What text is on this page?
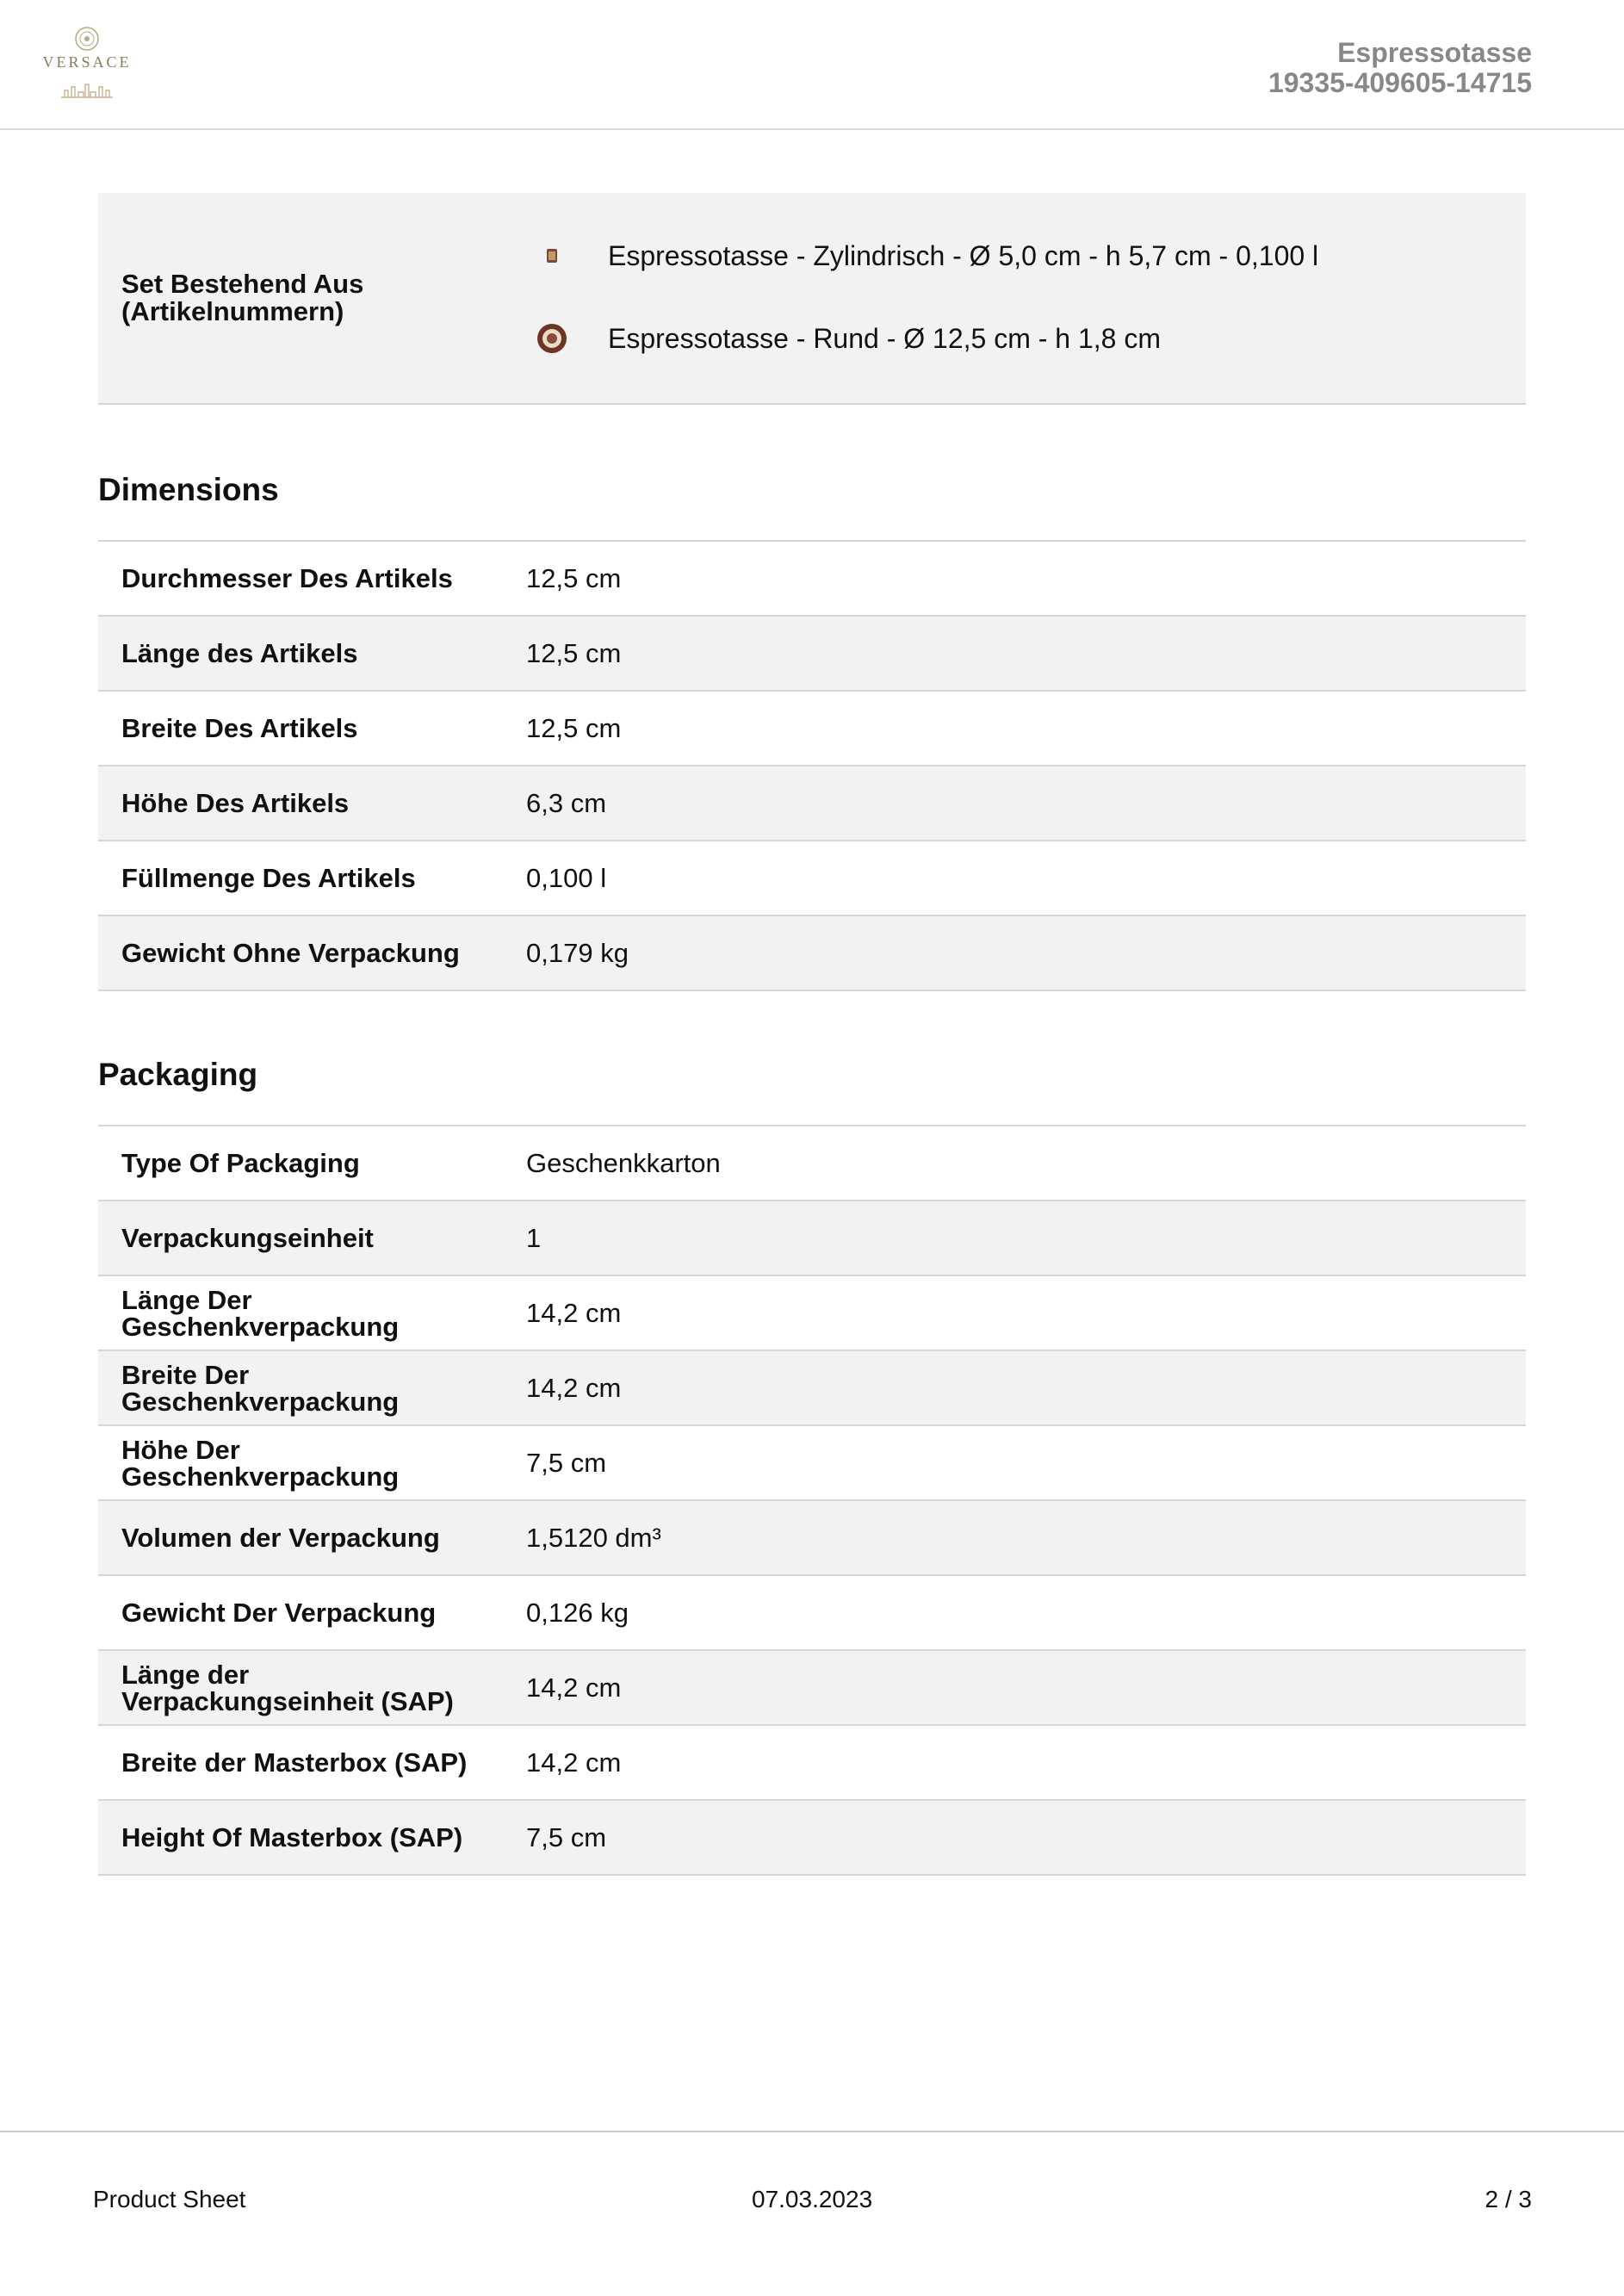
VERSACE	Espressotasse
19335-409605-14715
Set Bestehend Aus (Artikelnummern)
Espressotasse - Zylindrisch - Ø 5,0 cm - h 5,7 cm - 0,100 l
Espressotasse - Rund - Ø 12,5 cm - h 1,8 cm
Dimensions
Durchmesser Des Artikels	12,5 cm
Länge des Artikels	12,5 cm
Breite Des Artikels	12,5 cm
Höhe Des Artikels	6,3 cm
Füllmenge Des Artikels	0,100 l
Gewicht Ohne Verpackung	0,179 kg
Packaging
Type Of Packaging	Geschenkkarton
Verpackungseinheit	1
Länge Der Geschenkverpackung	14,2 cm
Breite Der Geschenkverpackung	14,2 cm
Höhe Der Geschenkverpackung	7,5 cm
Volumen der Verpackung	1,5120 dm³
Gewicht Der Verpackung	0,126 kg
Länge der Verpackungseinheit (SAP)	14,2 cm
Breite der Masterbox (SAP)	14,2 cm
Height Of Masterbox (SAP)	7,5 cm
Product Sheet	07.03.2023	2 / 3
